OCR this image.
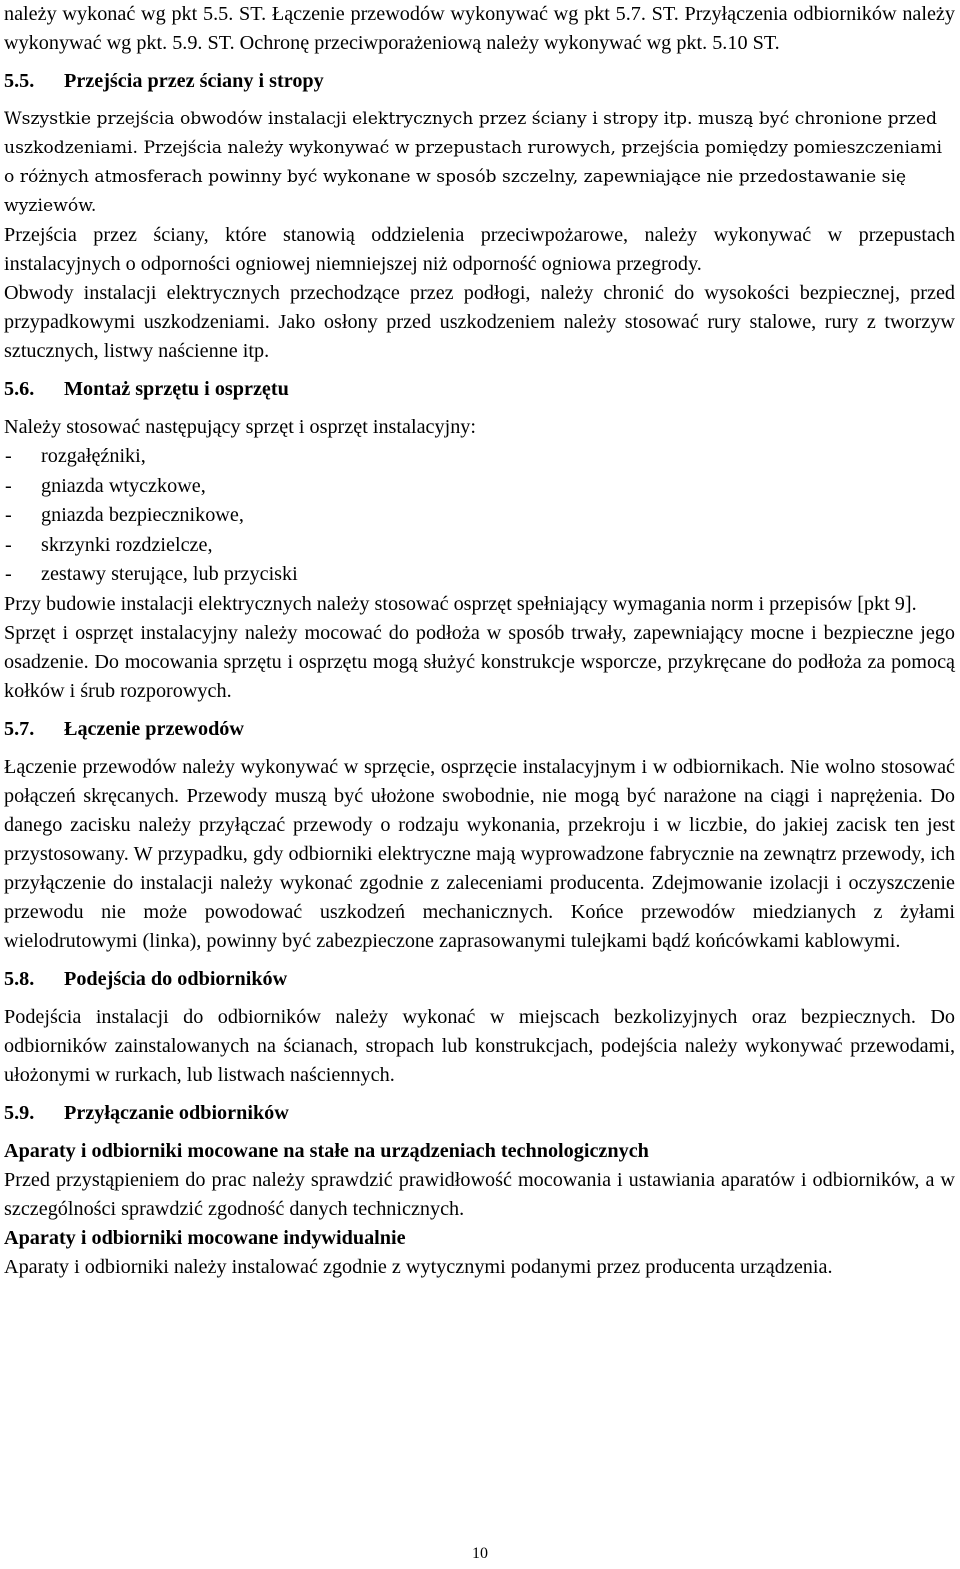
należy wykonać wg pkt 5.5. ST. Łączenie przewodów wykonywać wg pkt 5.7. ST. Przyłączenia odbiorników należy wykonywać wg pkt. 5.9. ST. Ochronę przeciwporażeniową należy wykonywać wg pkt. 5.10 ST.

5.5. Przejścia przez ściany i stropy

Wszystkie przejścia obwodów instalacji elektrycznych przez ściany i stropy itp. muszą być chronione przed uszkodzeniami. Przejścia należy wykonywać w przepustach rurowych, przejścia pomiędzy pomieszczeniami o różnych atmosferach powinny być wykonane w sposób szczelny, zapewniające nie przedostawanie się wyziewów.

Przejścia przez ściany, które stanowią oddzielenia przeciwpożarowe, należy wykonywać w przepustach instalacyjnych o odporności ogniowej niemniejszej niż odporność ogniowa przegrody.

Obwody instalacji elektrycznych przechodzące przez podłogi, należy chronić do wysokości bezpiecznej, przed przypadkowymi uszkodzeniami. Jako osłony przed uszkodzeniem należy stosować rury stalowe, rury z tworzyw sztucznych, listwy naścienne itp.

5.6. Montaż sprzętu i osprzętu

Należy stosować następujący sprzęt i osprzęt instalacyjny:

- rozgałęźniki,
- gniazda wtyczkowe,
- gniazda bezpiecznikowe,
- skrzynki rozdzielcze,
- zestawy sterujące, lub przyciski

Przy budowie instalacji elektrycznych należy stosować osprzęt spełniający wymagania norm i przepisów [pkt 9].

Sprzęt i osprzęt instalacyjny należy mocować do podłoża w sposób trwały, zapewniający mocne i bezpieczne jego osadzenie. Do mocowania sprzętu i osprzętu mogą służyć konstrukcje wsporcze, przykręcane do podłoża za pomocą kołków i śrub rozporowych.

5.7. Łączenie przewodów

Łączenie przewodów należy wykonywać w sprzęcie, osprzęcie instalacyjnym i w odbiornikach. Nie wolno stosować połączeń skręcanych. Przewody muszą być ułożone swobodnie, nie mogą być narażone na ciągi i naprężenia. Do danego zacisku należy przyłączać przewody o rodzaju wykonania, przekroju i w liczbie, do jakiej zacisk ten jest przystosowany. W przypadku, gdy odbiorniki elektryczne mają wyprowadzone fabrycznie na zewnątrz przewody, ich przyłączenie do instalacji należy wykonać zgodnie z zaleceniami producenta. Zdejmowanie izolacji i oczyszczenie przewodu nie może powodować uszkodzeń mechanicznych. Końce przewodów miedzianych z żyłami wielodrutowymi (linka), powinny być zabezpieczone zaprasowanymi tulejkami bądź końcówkami kablowymi.

5.8. Podejścia do odbiorników

Podejścia instalacji do odbiorników należy wykonać w miejscach bezkolizyjnych oraz bezpiecznych. Do odbiorników zainstalowanych na ścianach, stropach lub konstrukcjach, podejścia należy wykonywać przewodami, ułożonymi w rurkach, lub listwach naściennych.

5.9. Przyłączanie odbiorników
Aparaty i odbiorniki mocowane na stałe na urządzeniach technologicznych

Przed przystąpieniem do prac należy sprawdzić prawidłowość mocowania i ustawiania aparatów i odbiorników, a w szczególności sprawdzić zgodność danych technicznych.

Aparaty i odbiorniki mocowane indywidualnie

Aparaty i odbiorniki należy instalować zgodnie z wytycznymi podanymi przez producenta urządzenia.

10
